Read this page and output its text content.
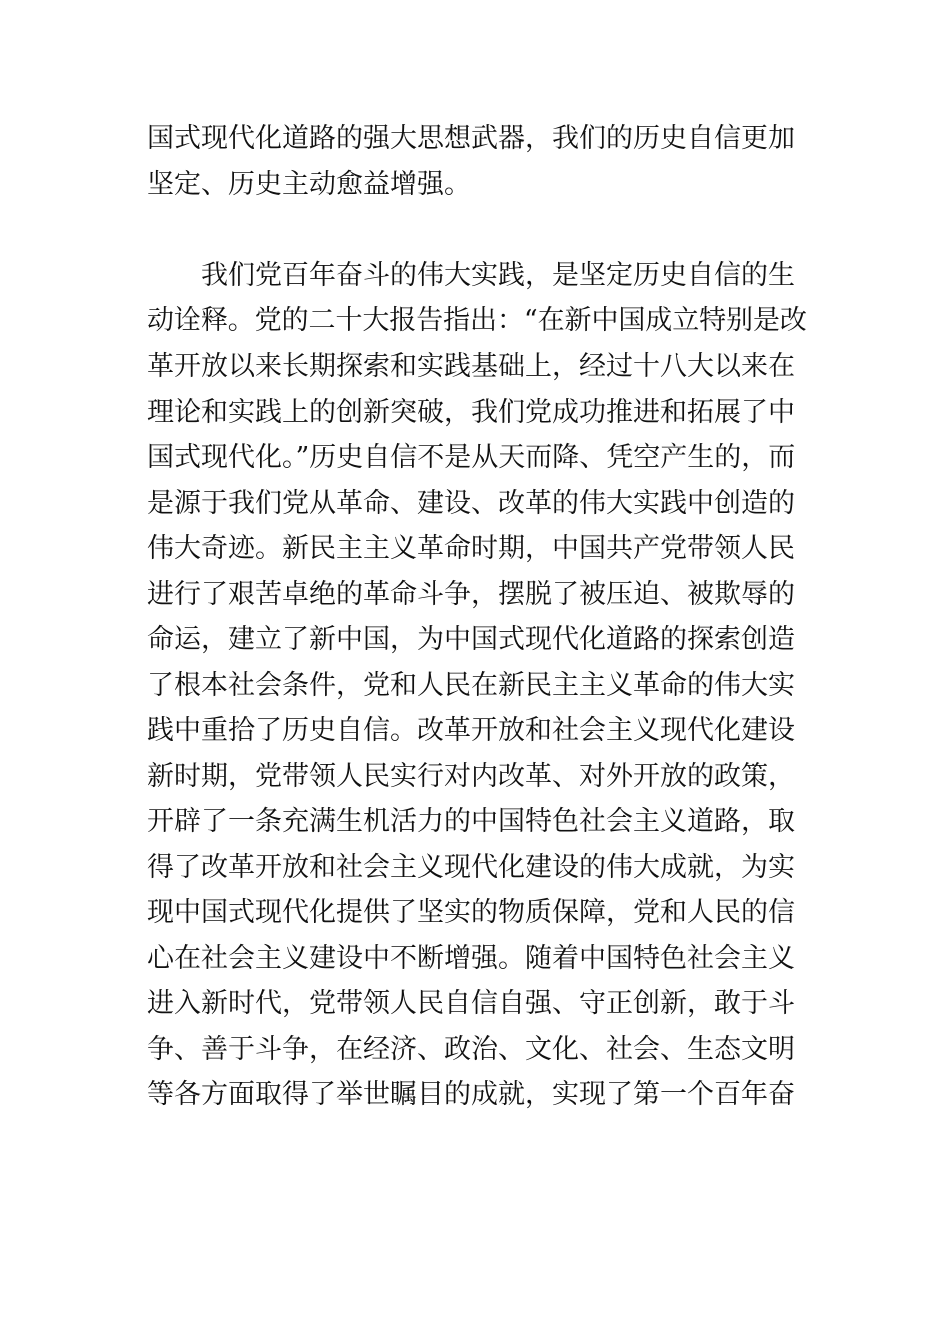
国式现代化道路的强大思想武器，我们的历史自信更加
坚定、历史主动愈益增强。
我们党百年奋斗的伟大实践，是坚定历史自信的生
动诠释。党的二十大报告指出：“在新中国成立特别是改
革开放以来长期探索和实践基础上，经过十八大以来在
理论和实践上的创新突破，我们党成功推进和拓展了中
国式现代化。”历史自信不是从天而降、凭空产生的，而
是源于我们党从革命、建设、改革的伟大实践中创造的
伟大奇迹。新民主主义革命时期，中国共产党带领人民
进行了艰苦卓绝的革命斗争，摆脱了被压迫、被欺辱的
命运，建立了新中国，为中国式现代化道路的探索创造
了根本社会条件，党和人民在新民主主义革命的伟大实
践中重拾了历史自信。改革开放和社会主义现代化建设
新时期，党带领人民实行对内改革、对外开放的政策，
开辟了一条充满生机活力的中国特色社会主义道路，取
得了改革开放和社会主义现代化建设的伟大成就，为实
现中国式现代化提供了坚实的物质保障，党和人民的信
心在社会主义建设中不断增强。随着中国特色社会主义
进入新时代，党带领人民自信自强、守正创新，敢于斗
争、善于斗争，在经济、政治、文化、社会、生态文明
等各方面取得了举世瞩目的成就，实现了第一个百年奋
